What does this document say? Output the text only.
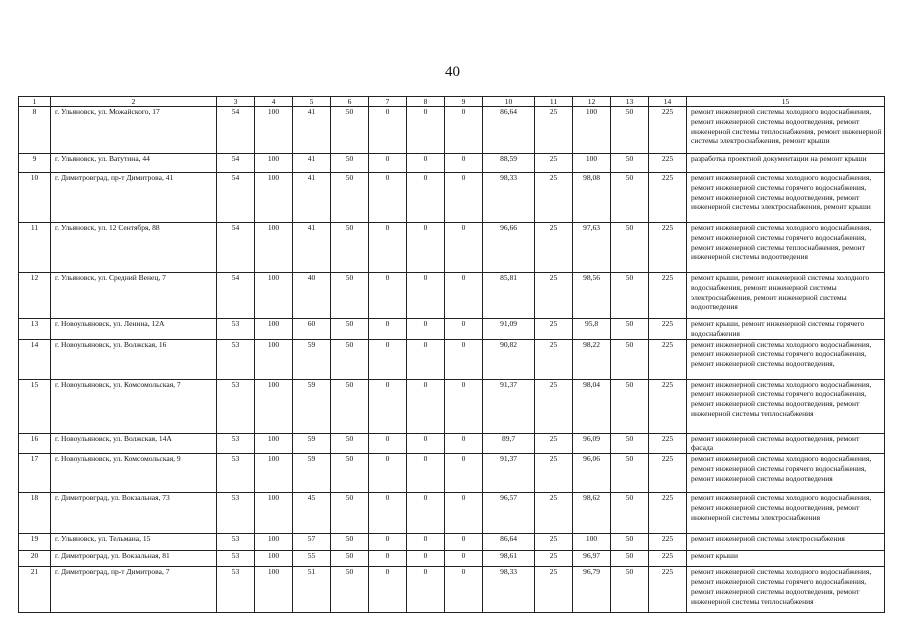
40
1	2	3	4	5	6	7	8	9	10	11	12	13	14	15
8	г. Ульяновск, ул. Можайского, 17	54	100	41	50	0	0	0	86,64	25	100	50	225	ремонт инженерной системы холодного водоснабжения, ремонт инженерной системы водоотведения, ремонт инженерной системы теплоснабжения, ремонт инженерной системы электроснабжения, ремонт крыши
9	г. Ульяновск, ул. Ватутина, 44	54	100	41	50	0	0	0	88,59	25	100	50	225	разработка проектной документации на ремонт крыши
10	г. Димитровград, пр-т Димитрова, 41	54	100	41	50	0	0	0	98,33	25	98,08	50	225	ремонт инженерной системы холодного водоснабжения, ремонт инженерной системы горячего водоснабжения, ремонт инженерной системы водоотведения, ремонт инженерной системы электроснабжения, ремонт крыши
11	г. Ульяновск, ул. 12 Сентября, 88	54	100	41	50	0	0	0	96,66	25	97,63	50	225	ремонт инженерной системы холодного водоснабжения, ремонт инженерной системы горячего водоснабжения, ремонт инженерной системы теплоснабжения, ремонт инженерной системы водоотведения
12	г. Ульяновск, ул. Средний Венец, 7	54	100	40	50	0	0	0	85,81	25	98,56	50	225	ремонт крыши, ремонт инженерной системы холодного водоснабжения, ремонт инженерной системы электроснабжения, ремонт инженерной системы водоотведения
13	г. Новоульяновск, ул. Ленина, 12А	53	100	60	50	0	0	0	91,09	25	95,8	50	225	ремонт крыши, ремонт инженерной системы горячего водоснабжения
14	г. Новоульяновск, ул. Волжская, 16	53	100	59	50	0	0	0	90,82	25	98,22	50	225	ремонт инженерной системы холодного водоснабжения, ремонт инженерной системы горячего водоснабжения, ремонт инженерной системы водоотведения,
15	г. Новоульяновск, ул. Комсомольская, 7	53	100	59	50	0	0	0	91,37	25	98,04	50	225	ремонт инженерной системы холодного водоснабжения, ремонт инженерной системы горячего водоснабжения, ремонт инженерной системы водоотведения, ремонт инженерной системы теплоснабжения
16	г. Новоульяновск, ул. Волжская, 14А	53	100	59	50	0	0	0	89,7	25	96,09	50	225	ремонт инженерной системы водоотведения, ремонт фасада
17	г. Новоульяновск, ул. Комсомольская, 9	53	100	59	50	0	0	0	91,37	25	96,06	50	225	ремонт инженерной системы холодного водоснабжения, ремонт инженерной системы горячего водоснабжения, ремонт инженерной системы водоотведения
18	г. Димитровград, ул. Вокзальная, 73	53	100	45	50	0	0	0	96,57	25	98,62	50	225	ремонт инженерной системы холодного водоснабжения, ремонт инженерной системы водоотведения, ремонт инженерной системы электроснабжения
19	г. Ульяновск, ул. Тельмана, 15	53	100	57	50	0	0	0	86,64	25	100	50	225	ремонт инженерной системы электроснабжения
20	г. Димитровград, ул. Вокзальная, 81	53	100	55	50	0	0	0	98,61	25	96,97	50	225	ремонт крыши
21	г. Димитровград, пр-т Димитрова, 7	53	100	51	50	0	0	0	98,33	25	96,79	50	225	ремонт инженерной системы холодного водоснабжения, ремонт инженерной системы горячего водоснабжения, ремонт инженерной системы водоотведения, ремонт инженерной системы теплоснабжения
